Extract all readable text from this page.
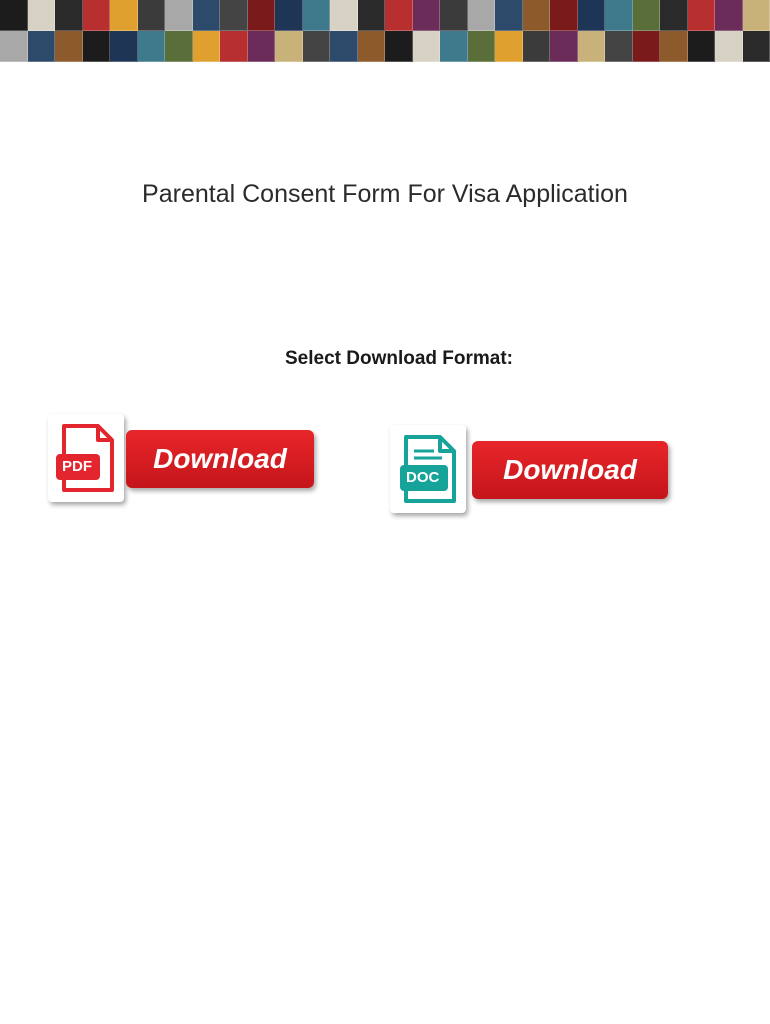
Parental Consent Form For Visa Application
Select Download Format:
PDF	Download
DOC	Download
